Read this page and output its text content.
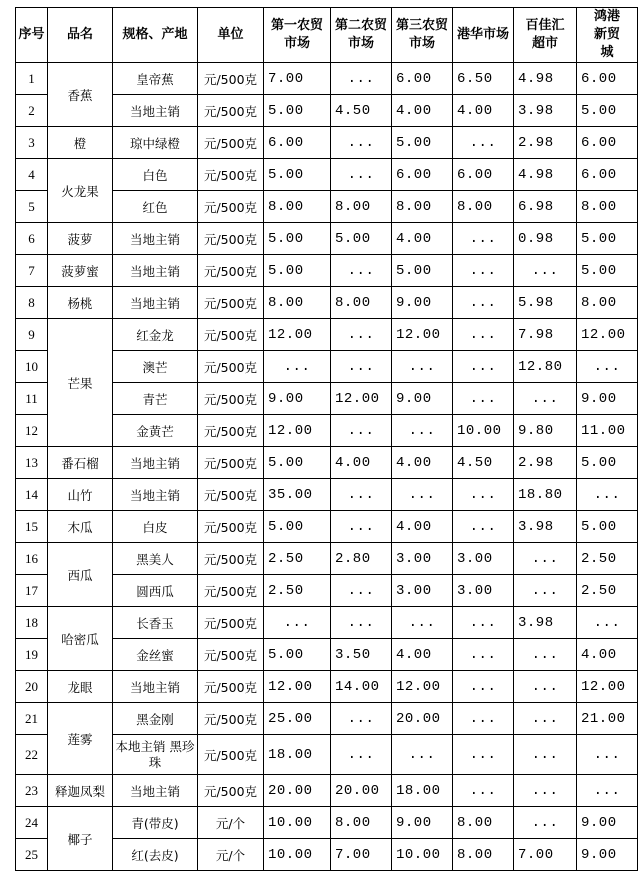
序号	品名	规格、产地	单位	第一农贸市场	第二农贸市场	第三农贸市场	港华市场	百佳汇超市	鸿港新贸城
1	香蕉	皇帝蕉	元/500克	7.00	...	6.00	6.50	4.98	6.00
2		当地主销	元/500克	5.00	4.50	4.00	4.00	3.98	5.00
3	橙	琼中绿橙	元/500克	6.00	...	5.00	...	2.98	6.00
4	火龙果	白色	元/500克	5.00	...	6.00	6.00	4.98	6.00
5		红色	元/500克	8.00	8.00	8.00	8.00	6.98	8.00
6	菠萝	当地主销	元/500克	5.00	5.00	4.00	...	0.98	5.00
7	菠萝蜜	当地主销	元/500克	5.00	...	5.00	...	...	5.00
8	杨桃	当地主销	元/500克	8.00	8.00	9.00	...	5.98	8.00
9	芒果	红金龙	元/500克	12.00	...	12.00	...	7.98	12.00
10		澳芒	元/500克	...	...	...	...	12.80	...
11		青芒	元/500克	9.00	12.00	9.00	...	...	9.00
12		金黄芒	元/500克	12.00	...	...	10.00	9.80	11.00
13	番石榴	当地主销	元/500克	5.00	4.00	4.00	4.50	2.98	5.00
14	山竹	当地主销	元/500克	35.00	...	...	...	18.80	...
15	木瓜	白皮	元/500克	5.00	...	4.00	...	3.98	5.00
16	西瓜	黑美人	元/500克	2.50	2.80	3.00	3.00	...	2.50
17		圆西瓜	元/500克	2.50	...	3.00	3.00	...	2.50
18	哈密瓜	长香玉	元/500克	...	...	...	...	3.98	...
19		金丝蜜	元/500克	5.00	3.50	4.00	...	...	4.00
20	龙眼	当地主销	元/500克	12.00	14.00	12.00	...	...	12.00
21	莲雾	黑金刚	元/500克	25.00	...	20.00	...	...	21.00
22		本地主销 黑珍珠	元/500克	18.00	...	...	...	...	...
23	释迦凤梨	当地主销	元/500克	20.00	20.00	18.00	...	...	...
24	椰子	青(带皮)	元/个	10.00	8.00	9.00	8.00	...	9.00
25		红(去皮)	元/个	10.00	7.00	10.00	8.00	7.00	9.00
